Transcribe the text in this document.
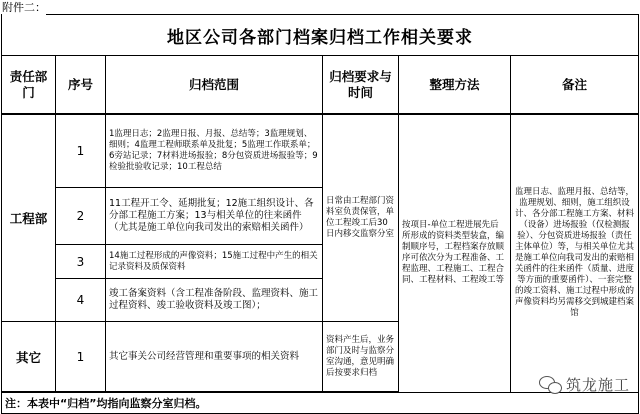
地区公司各部门档案归档工作相关要求					
责任部门	序号	归档范围	归档要求与时间	整理方法	备注
工程部	1	1监理日志；2监理日报、月报、总结等；3监理规划、细则；4监理工程师联系单及批复；5监理工作联系单；6旁站记录；7材料进场报验；8分包资质进场报验等；9检验批验收记录；10工程总结	日常由工程部门资料室负责保管，单位工程竣工后30日内移交监察分室	按项目-单位工程进展先后所形成的资料类型装盒，编制顺序号，工程档案存放顺序可依次分为工程准备、工程监理、工程施工、工程合同、工程材料、工程竣工等	监理日志、监理月报、总结等，监理规划、细则，施工组织设计、各分部工程施工方案、材料（设备）进场报验（仅检测报验）、分包资质进场报验（责任主体单位）等，与相关单位尤其是施工单位向我司发出的索赔相关函件的往来函件（质量、进度等方面的重要函件）、一套完整的竣工资料、施工过程中形成的声像资料均另需移交到城建档案馆
	2	11工程开工令、延期批复；12施工组织设计、各分部工程施工方案；13与相关单位的往来函件（尤其是施工单位向我司发出的索赔相关函件）			
	3	14施工过程形成的声像资料；15施工过程中产生的相关记录资料及质保资料			
	4	竣工备案资料（含工程准备阶段、监理资料、施工过程资料、竣工验收资料及竣工图）；			
其它	1	其它事关公司经营管理和重要事项的相关资料	资料产生后，业务部门及时与监察分室沟通，意见明确后按要求归档		
注：本表中“归档”均指向监察分室归档。					
附件二：
筑龙施工
